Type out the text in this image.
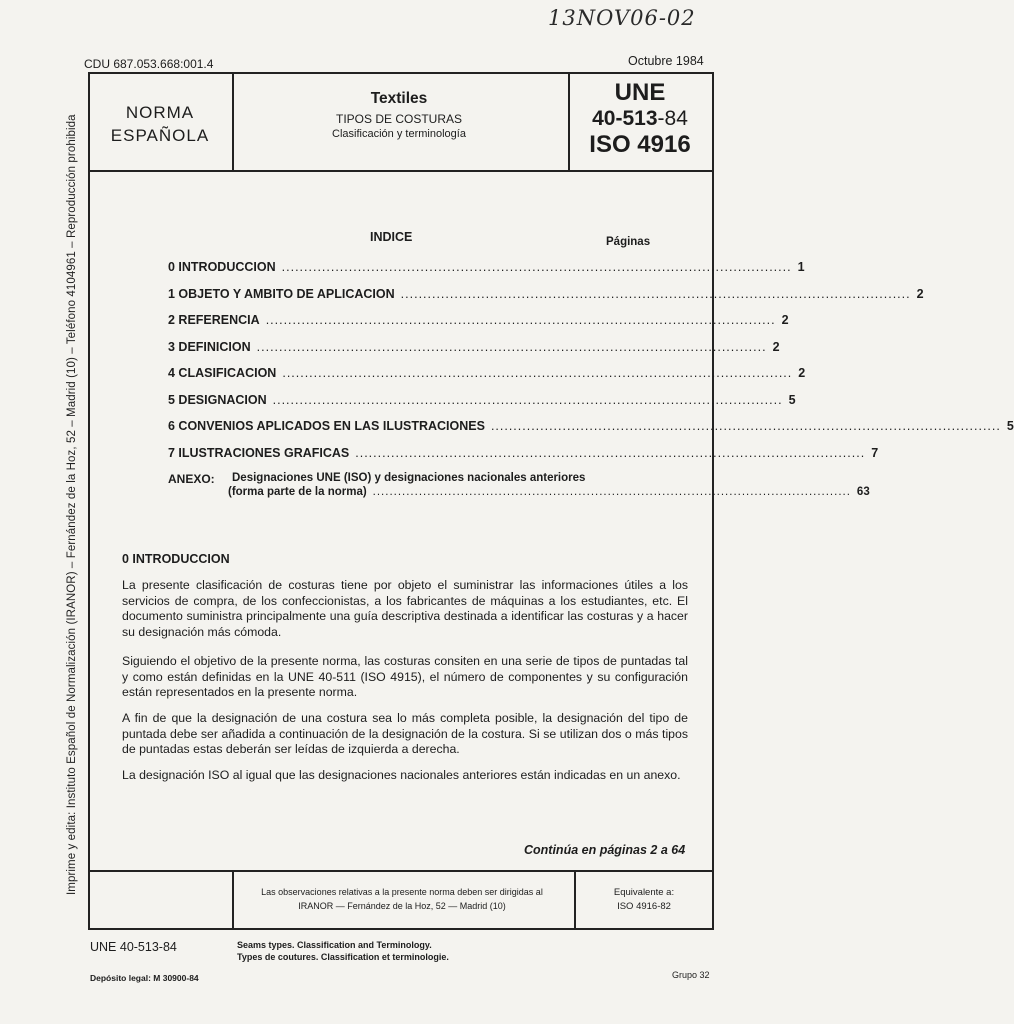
13NOV06-02
CDU 687.053.668:001.4	Octubre 1984
Imprime y edita: Instituto Español de Normalización (IRANOR) – Fernández de la Hoz, 52 – Madrid (10) – Teléfono 4104961 – Reproducción prohibida
NORMA
ESPAÑOLA
Textiles
TIPOS DE COSTURAS
Clasificación y terminología
UNE
40-513-84
ISO 4916
INDICE	Páginas
0 INTRODUCCION .................................................................................................................. 1
1 OBJETO Y AMBITO DE APLICACION .................................................................................................................. 2
2 REFERENCIA .................................................................................................................. 2
3 DEFINICION .................................................................................................................. 2
4 CLASIFICACION .................................................................................................................. 2
5 DESIGNACION .................................................................................................................. 5
6 CONVENIOS APLICADOS EN LAS ILUSTRACIONES .................................................................................................................. 5
7 ILUSTRACIONES GRAFICAS .................................................................................................................. 7
ANEXO: Designaciones UNE (ISO) y designaciones nacionales anteriores
(forma parte de la norma) .................................................................................................................. 63
0 INTRODUCCION
La presente clasificación de costuras tiene por objeto el suministrar las informaciones útiles a los servicios de compra, de los confeccionistas, a los fabricantes de máquinas a los estudiantes, etc. El documento suministra principalmente una guía descriptiva destinada a identificar las costuras y a hacer su designación más cómoda.
Siguiendo el objetivo de la presente norma, las costuras consiten en una serie de tipos de puntadas tal y como están definidas en la UNE 40-511 (ISO 4915), el número de componentes y su configuración están representados en la presente norma.
A fin de que la designación de una costura sea lo más completa posible, la designación del tipo de puntada debe ser añadida a continuación de la designación de la costura. Si se utilizan dos o más tipos de puntadas estas deberán ser leídas de izquierda a derecha.
La designación ISO al igual que las designaciones nacionales anteriores están indicadas en un anexo.
Continúa en páginas 2 a 64
Las observaciones relativas a la presente norma deben ser dirigidas al
IRANOR — Fernández de la Hoz, 52 — Madrid (10)
Equivalente a:
ISO 4916-82
UNE 40-513-84	Seams types. Classification and Terminology.
Types de coutures. Classification et terminologie.
Depósito legal: M 30900-84	Grupo 32
